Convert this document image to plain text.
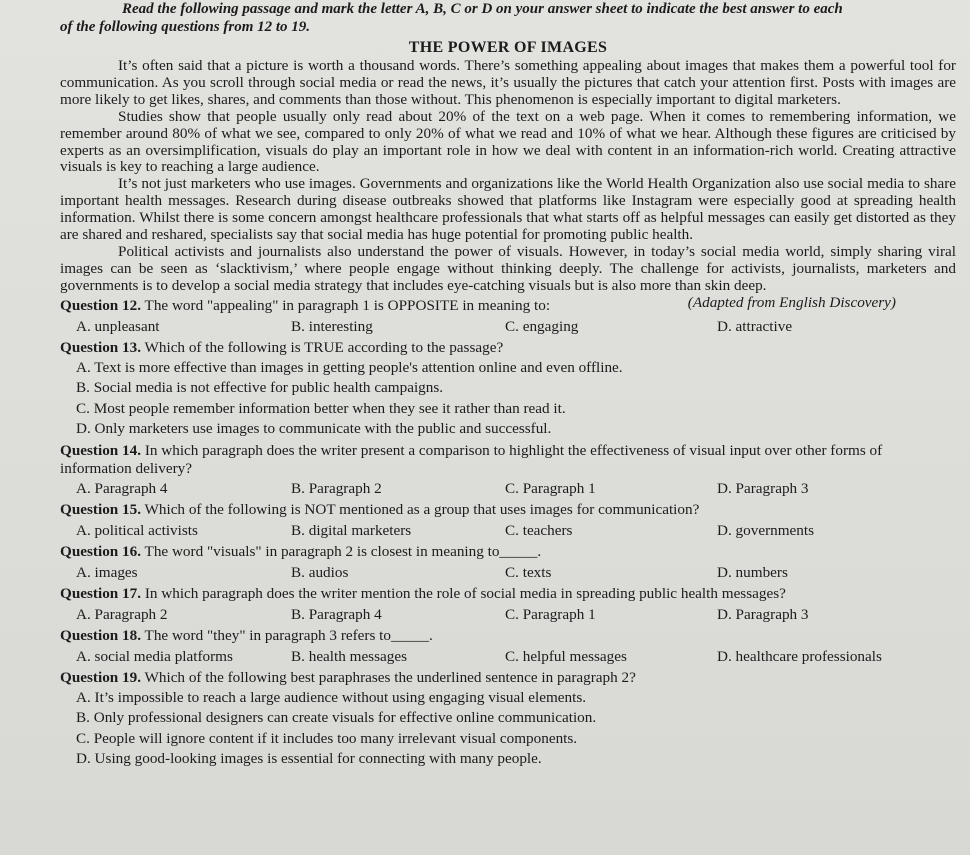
Read the following passage and mark the letter A, B, C or D on your answer sheet to indicate the best answer to each
of the following questions from 12 to 19.
THE POWER OF IMAGES

It’s often said that a picture is worth a thousand words. There’s something appealing about images that makes them a powerful tool for communication. As you scroll through social media or read the news, it’s usually the pictures that catch your attention first. Posts with images are more likely to get likes, shares, and comments than those without. This phenomenon is especially important to digital marketers.

Studies show that people usually only read about 20% of the text on a web page. When it comes to remembering information, we remember around 80% of what we see, compared to only 20% of what we read and 10% of what we hear. Although these figures are criticised by experts as an oversimplification, visuals do play an important role in how we deal with content in an information-rich world. Creating attractive visuals is key to reaching a large audience.

It’s not just marketers who use images. Governments and organizations like the World Health Organization also use social media to share important health messages. Research during disease outbreaks showed that platforms like Instagram were especially good at spreading health information. Whilst there is some concern amongst healthcare professionals that what starts off as helpful messages can easily get distorted as they are shared and reshared, specialists say that social media has huge potential for promoting public health.

Political activists and journalists also understand the power of visuals. However, in today’s social media world, simply sharing viral images can be seen as ‘slacktivism,’ where people engage without thinking deeply. The challenge for activists, journalists, marketers and governments is to develop a social media strategy that includes eye-catching visuals but is also more than skin deep.
(Adapted from English Discovery)

Question 12. The word "appealing" in paragraph 1 is OPPOSITE in meaning to:

A. unpleasant	B. interesting	C. engaging	D. attractive

Question 13. Which of the following is TRUE according to the passage?

A. Text is more effective than images in getting people's attention online and even offline.

B. Social media is not effective for public health campaigns.

C. Most people remember information better when they see it rather than read it.

D. Only marketers use images to communicate with the public and successful.

Question 14. In which paragraph does the writer present a comparison to highlight the effectiveness of visual input over other forms of information delivery?

A. Paragraph 4	B. Paragraph 2	C. Paragraph 1	D. Paragraph 3

Question 15. Which of the following is NOT mentioned as a group that uses images for communication?

A. political activists	B. digital marketers	C. teachers	D. governments

Question 16. The word "visuals" in paragraph 2 is closest in meaning to_____.

A. images	B. audios	C. texts	D. numbers

Question 17. In which paragraph does the writer mention the role of social media in spreading public health messages?

A. Paragraph 2	B. Paragraph 4	C. Paragraph 1	D. Paragraph 3

Question 18. The word "they" in paragraph 3 refers to_____.

A. social media platforms	B. health messages	C. helpful messages	D. healthcare professionals

Question 19. Which of the following best paraphrases the underlined sentence in paragraph 2?

A. It’s impossible to reach a large audience without using engaging visual elements.

B. Only professional designers can create visuals for effective online communication.

C. People will ignore content if it includes too many irrelevant visual components.

D. Using good-looking images is essential for connecting with many people.
